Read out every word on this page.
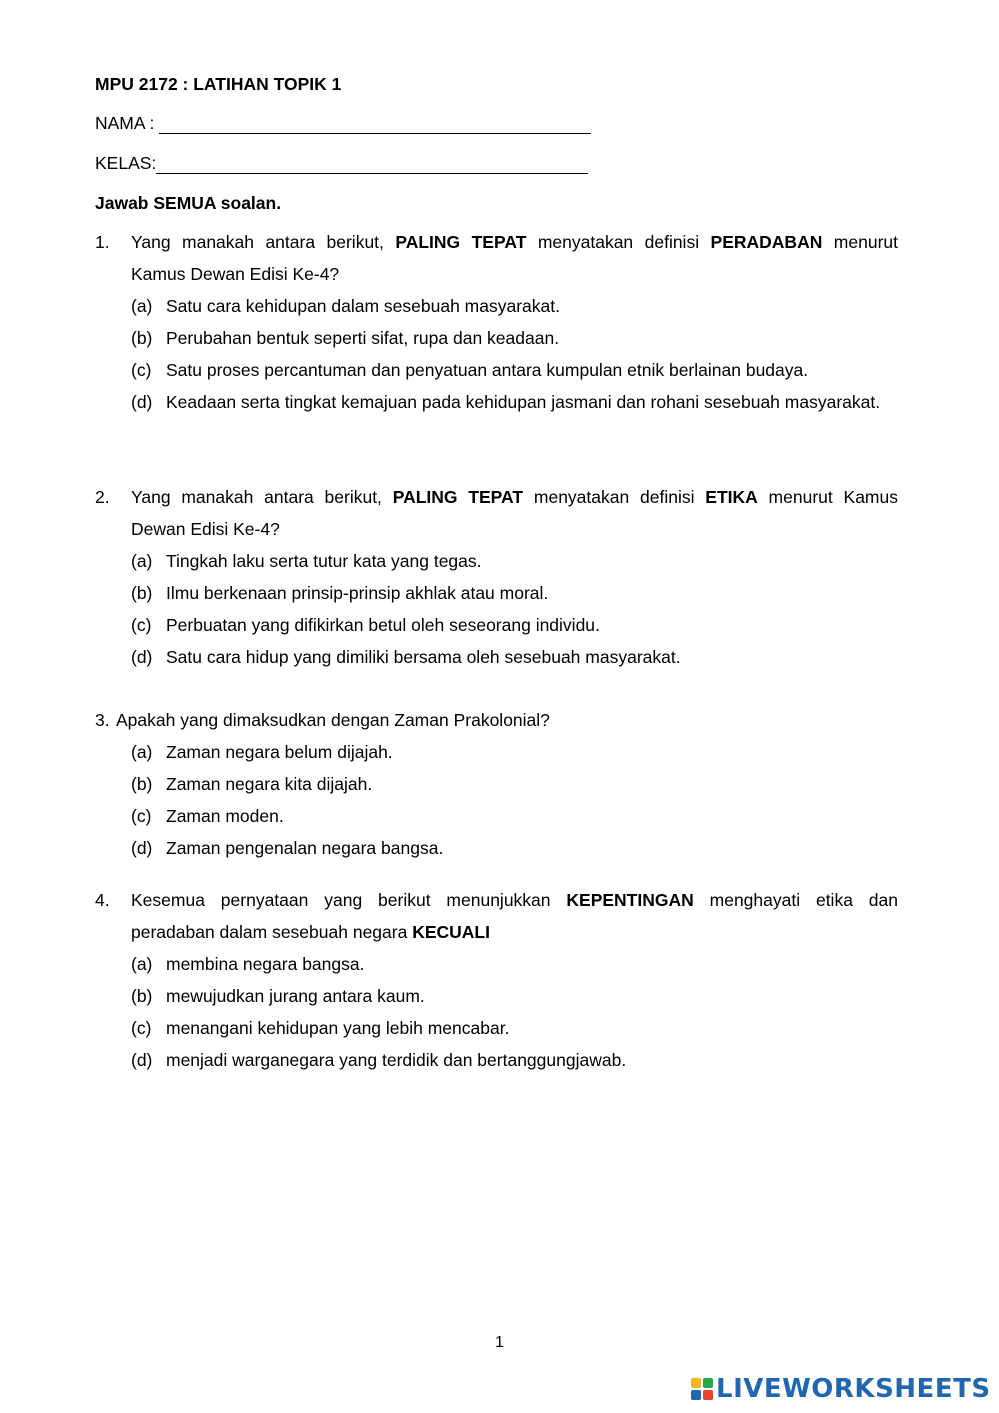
MPU 2172 : LATIHAN TOPIK 1
NAMA :
KELAS:
Jawab SEMUA soalan.
1. Yang manakah antara berikut, PALING TEPAT menyatakan definisi PERADABAN menurut Kamus Dewan Edisi Ke-4?
(a) Satu cara kehidupan dalam sesebuah masyarakat.
(b) Perubahan bentuk seperti sifat, rupa dan keadaan.
(c) Satu proses percantuman dan penyatuan antara kumpulan etnik berlainan budaya.
(d) Keadaan serta tingkat kemajuan pada kehidupan jasmani dan rohani sesebuah masyarakat.
2. Yang manakah antara berikut, PALING TEPAT menyatakan definisi ETIKA menurut Kamus Dewan Edisi Ke-4?
(a) Tingkah laku serta tutur kata yang tegas.
(b) Ilmu berkenaan prinsip-prinsip akhlak atau moral.
(c) Perbuatan yang difikirkan betul oleh seseorang individu.
(d) Satu cara hidup yang dimiliki bersama oleh sesebuah masyarakat.
3. Apakah yang dimaksudkan dengan Zaman Prakolonial?
(a) Zaman negara belum dijajah.
(b) Zaman negara kita dijajah.
(c) Zaman moden.
(d) Zaman pengenalan negara bangsa.
4. Kesemua pernyataan yang berikut menunjukkan KEPENTINGAN menghayati etika dan peradaban dalam sesebuah negara KECUALI
(a) membina negara bangsa.
(b) mewujudkan jurang antara kaum.
(c) menangani kehidupan yang lebih mencabar.
(d) menjadi warganegara yang terdidik dan bertanggungjawab.
1
LIVEWORKSHEETS
